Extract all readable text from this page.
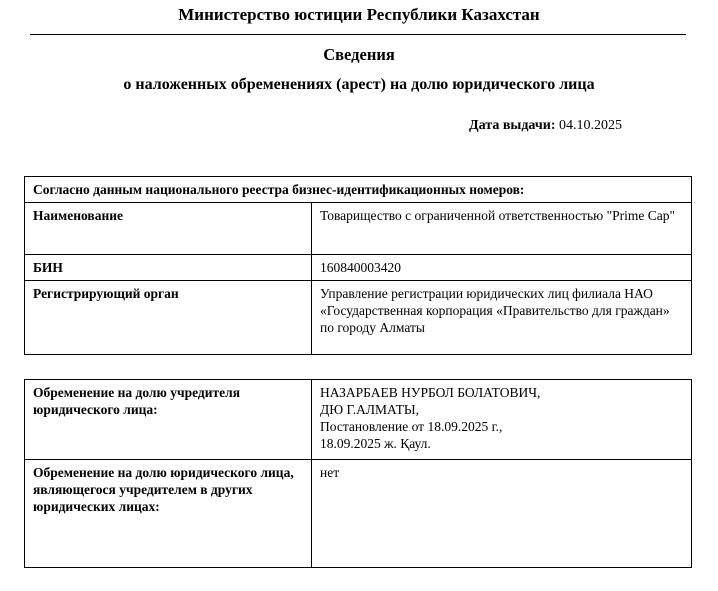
Министерство юстиции Республики Казахстан
Сведения
о наложенных обременениях (арест) на долю юридического лица
Дата выдачи: 04.10.2025
Согласно данным национального реестра бизнес-идентификационных номеров:	
Наименование	Товарищество с ограниченной ответственностью "Prime Cap"
БИН	160840003420
Регистрирующий орган	Управление регистрации юридических лиц филиала НАО «Государственная корпорация «Правительство для граждан» по городу Алматы
Обременение на долю учредителя юридического лица:	НАЗАРБАЕВ НУРБОЛ БОЛАТОВИЧ,
ДЮ Г.АЛМАТЫ,
Постановление от 18.09.2025 г.,
18.09.2025 ж. Қаул.

Обременение на долю юридического лица, являющегося учредителем в других юридических лицах:	нет
